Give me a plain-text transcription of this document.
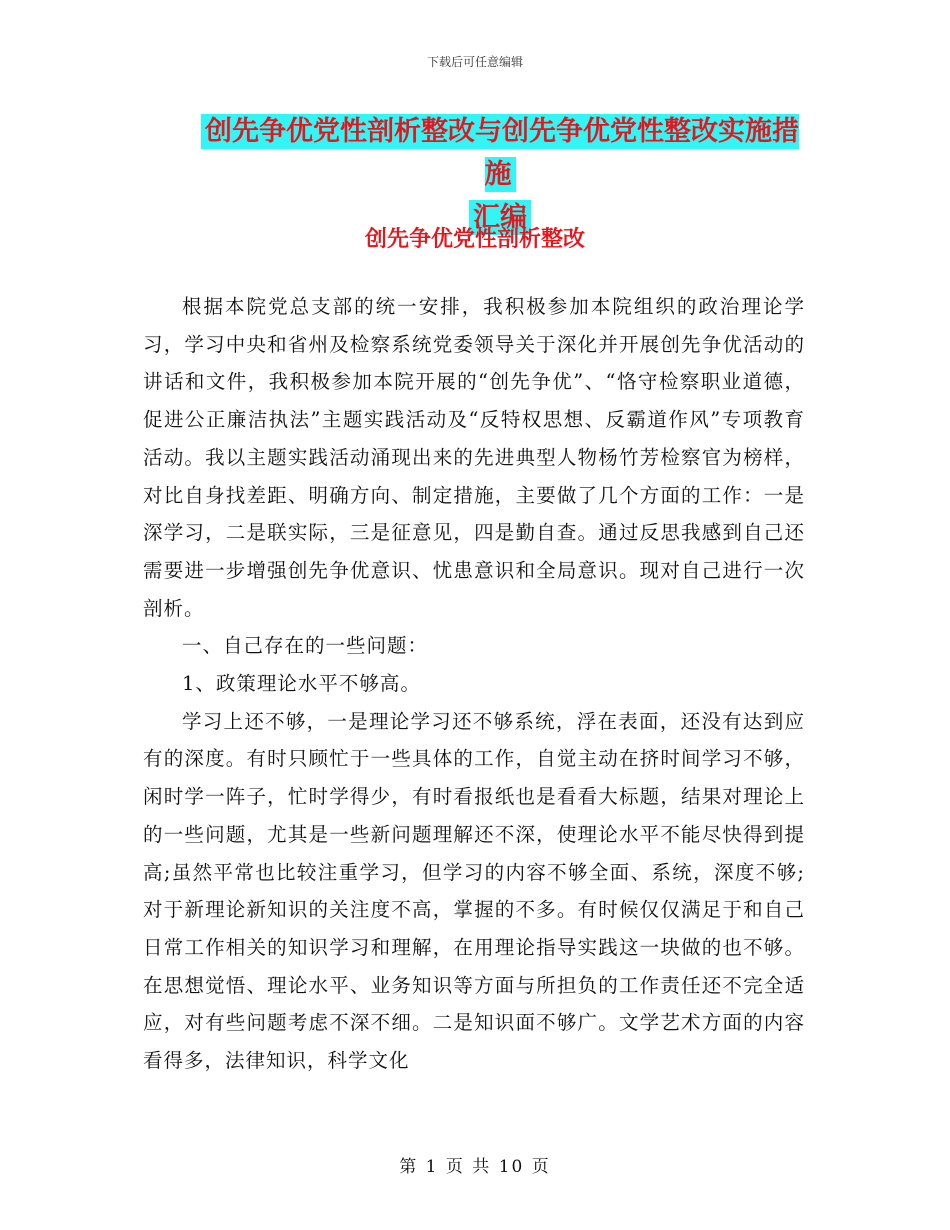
下载后可任意编辑
创先争优党性剖析整改与创先争优党性整改实施措施
汇编
创先争优党性剖析整改

根据本院党总支部的统一安排，我积极参加本院组织的政治理论学习，学习中央和省州及检察系统党委领导关于深化并开展创先争优活动的讲话和文件，我积极参加本院开展的“创先争优”、“恪守检察职业道德，促进公正廉洁执法”主题实践活动及“反特权思想、反霸道作风”专项教育活动。我以主题实践活动涌现出来的先进典型人物杨竹芳检察官为榜样，对比自身找差距、明确方向、制定措施，主要做了几个方面的工作：一是深学习，二是联实际，三是征意见，四是勤自查。通过反思我感到自己还需要进一步增强创先争优意识、忧患意识和全局意识。现对自己进行一次剖析。

一、自己存在的一些问题：

1、政策理论水平不够高。

学习上还不够，一是理论学习还不够系统，浮在表面，还没有达到应有的深度。有时只顾忙于一些具体的工作，自觉主动在挤时间学习不够，闲时学一阵子，忙时学得少，有时看报纸也是看看大标题，结果对理论上的一些问题，尤其是一些新问题理解还不深，使理论水平不能尽快得到提高;虽然平常也比较注重学习，但学习的内容不够全面、系统，深度不够;对于新理论新知识的关注度不高，掌握的不多。有时候仅仅满足于和自己日常工作相关的知识学习和理解，在用理论指导实践这一块做的也不够。在思想觉悟、理论水平、业务知识等方面与所担负的工作责任还不完全适应，对有些问题考虑不深不细。二是知识面不够广。文学艺术方面的内容看得多，法律知识，科学文化

第 1 页 共 10 页
